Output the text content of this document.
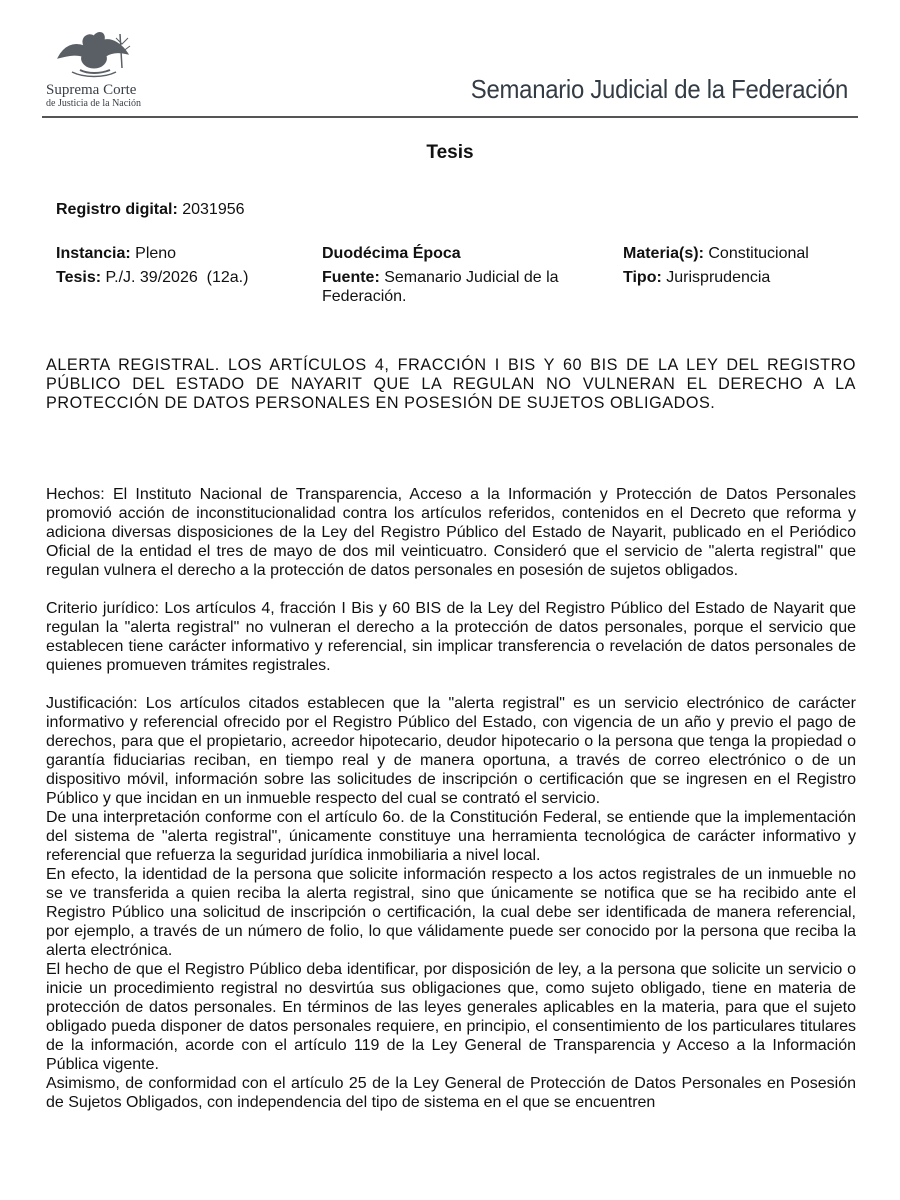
Suprema Corte
de Justicia de la Nación	Semanario Judicial de la Federación
Tesis
Registro digital: 2031956
Instancia: Pleno
Tesis: P./J. 39/2026  (12a.)
Duodécima Época
Fuente: Semanario Judicial de la Federación.
Materia(s): Constitucional
Tipo: Jurisprudencia
ALERTA REGISTRAL. LOS ARTÍCULOS 4, FRACCIÓN I BIS Y 60 BIS DE LA LEY DEL REGISTRO PÚBLICO DEL ESTADO DE NAYARIT QUE LA REGULAN NO VULNERAN EL DERECHO A LA PROTECCIÓN DE DATOS PERSONALES EN POSESIÓN DE SUJETOS OBLIGADOS.

Hechos: El Instituto Nacional de Transparencia, Acceso a la Información y Protección de Datos Personales promovió acción de inconstitucionalidad contra los artículos referidos, contenidos en el Decreto que reforma y adiciona diversas disposiciones de la Ley del Registro Público del Estado de Nayarit, publicado en el Periódico Oficial de la entidad el tres de mayo de dos mil veinticuatro. Consideró que el servicio de "alerta registral" que regulan vulnera el derecho a la protección de datos personales en posesión de sujetos obligados.

Criterio jurídico: Los artículos 4, fracción I Bis y 60 BIS de la Ley del Registro Público del Estado de Nayarit que regulan la "alerta registral" no vulneran el derecho a la protección de datos personales, porque el servicio que establecen tiene carácter informativo y referencial, sin implicar transferencia o revelación de datos personales de quienes promueven trámites registrales.

Justificación: Los artículos citados establecen que la "alerta registral" es un servicio electrónico de carácter informativo y referencial ofrecido por el Registro Público del Estado, con vigencia de un año y previo el pago de derechos, para que el propietario, acreedor hipotecario, deudor hipotecario o la persona que tenga la propiedad o garantía fiduciarias reciban, en tiempo real y de manera oportuna, a través de correo electrónico o de un dispositivo móvil, información sobre las solicitudes de inscripción o certificación que se ingresen en el Registro Público y que incidan en un inmueble respecto del cual se contrató el servicio.

De una interpretación conforme con el artículo 6o. de la Constitución Federal, se entiende que la implementación del sistema de "alerta registral", únicamente constituye una herramienta tecnológica de carácter informativo y referencial que refuerza la seguridad jurídica inmobiliaria a nivel local.

En efecto, la identidad de la persona que solicite información respecto a los actos registrales de un inmueble no se ve transferida a quien reciba la alerta registral, sino que únicamente se notifica que se ha recibido ante el Registro Público una solicitud de inscripción o certificación, la cual debe ser identificada de manera referencial, por ejemplo, a través de un número de folio, lo que válidamente puede ser conocido por la persona que reciba la alerta electrónica.

El hecho de que el Registro Público deba identificar, por disposición de ley, a la persona que solicite un servicio o inicie un procedimiento registral no desvirtúa sus obligaciones que, como sujeto obligado, tiene en materia de protección de datos personales. En términos de las leyes generales aplicables en la materia, para que el sujeto obligado pueda disponer de datos personales requiere, en principio, el consentimiento de los particulares titulares de la información, acorde con el artículo 119 de la Ley General de Transparencia y Acceso a la Información Pública vigente.

Asimismo, de conformidad con el artículo 25 de la Ley General de Protección de Datos Personales en Posesión de Sujetos Obligados, con independencia del tipo de sistema en el que se encuentren
